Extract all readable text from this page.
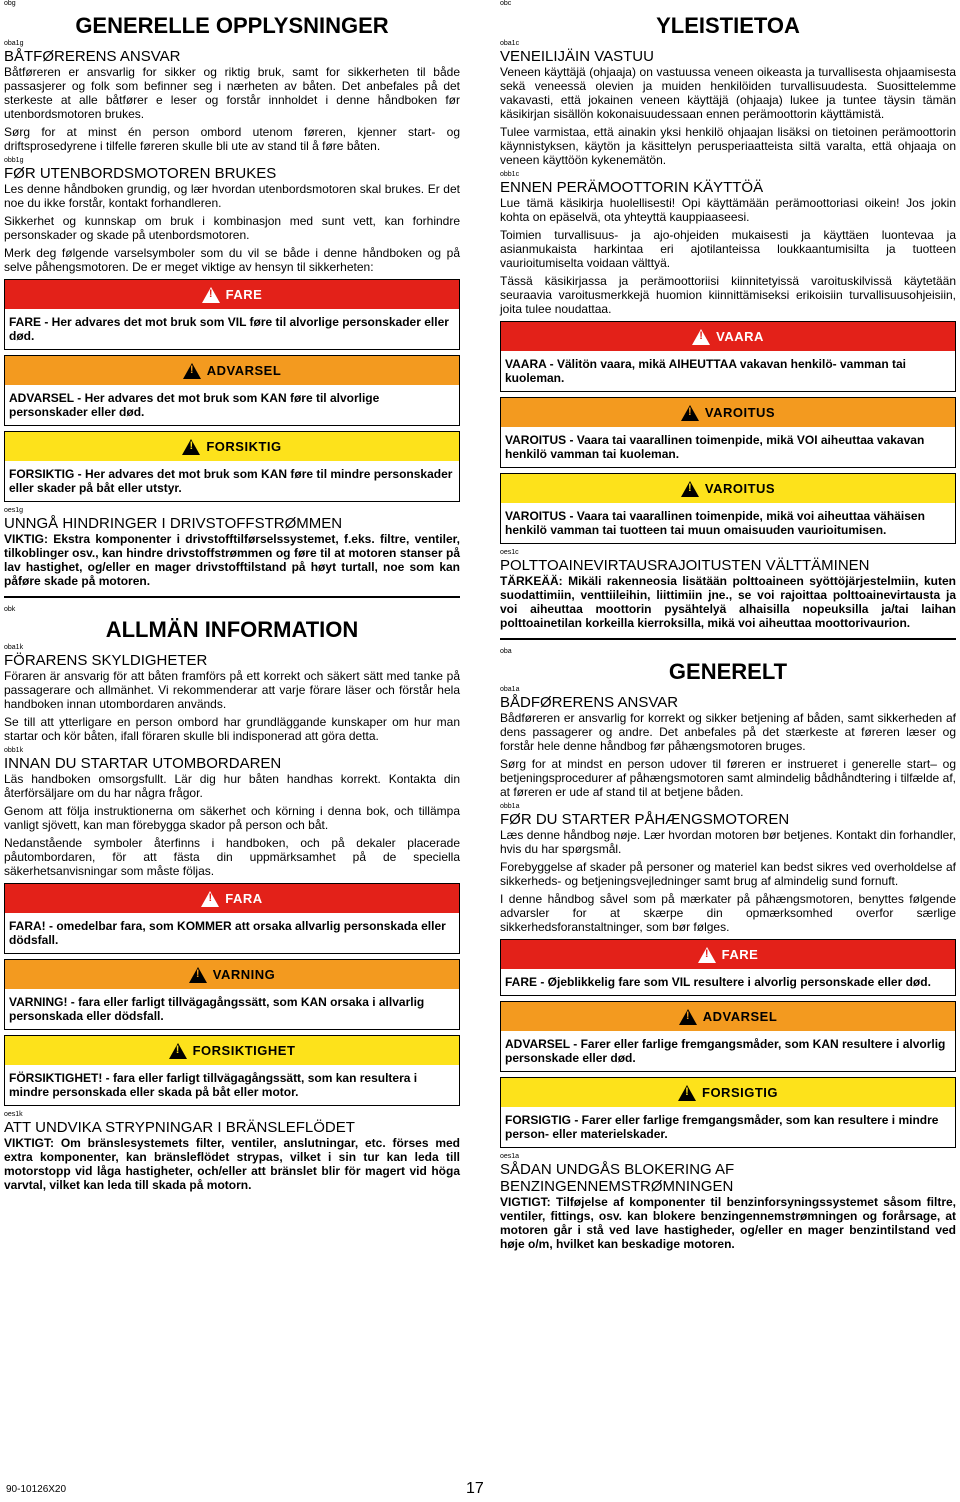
obg
GENERELLE OPPLYSNINGER
oba1g
BÅTFØRERENS ANSVAR

Båtføreren er ansvarlig for sikker og riktig bruk, samt for sikkerheten til både passasjerer og folk som befinner seg i nærheten av båten. Det anbefales på det sterkeste at alle båtfører e leser og forstår innholdet i denne håndboken før utenbordsmotoren brukes.

Sørg for at minst én person ombord utenom føreren, kjenner start- og driftsprosedyrene i tilfelle føreren skulle bli ute av stand til å føre båten.

obb1g
FØR UTENBORDSMOTOREN BRUKES

Les denne håndboken grundig, og lær hvordan utenbordsmotoren skal brukes. Er det noe du ikke forstår, kontakt forhandleren.

Sikkerhet og kunnskap om bruk i kombinasjon med sunt vett, kan forhindre personskader og skade på utenbordsmotoren.

Merk deg følgende varselsymboler som du vil se både i denne håndboken og på selve påhengsmotoren. De er meget viktige av hensyn til sikkerheten:

! FARE
FARE - Her advares det mot bruk som VIL føre til alvorlige personskader eller død.
! ADVARSEL
ADVARSEL - Her advares det mot bruk som KAN føre til alvorlige personskader eller død.
! FORSIKTIG
FORSIKTIG - Her advares det mot bruk som KAN føre til mindre personskader eller skader på båt eller utstyr.
oes1g
UNNGÅ HINDRINGER I DRIVSTOFFSTRØMMEN

VIKTIG: Ekstra komponenter i drivstofftilførselssystemet, f.eks. filtre, ventiler, tilkoblinger osv., kan hindre drivstoffstrømmen og føre til at motoren stanser på lav hastighet, og/eller en mager drivstofftilstand på høyt turtall, noe som kan påføre skade på motoren.

obk
ALLMÄN INFORMATION
oba1k
FÖRARENS SKYLDIGHETER

Föraren är ansvarig för att båten framförs på ett korrekt och säkert sätt med tanke på passagerare och allmänhet. Vi rekommenderar att varje förare läser och förstår hela handboken innan utombordaren används.

Se till att ytterligare en person ombord har grundläggande kunskaper om hur man startar och kör båten, ifall föraren skulle bli indisponerad att göra detta.

obb1k
INNAN DU STARTAR UTOMBORDAREN

Läs handboken omsorgsfullt. Lär dig hur båten handhas korrekt. Kontakta din återförsäljare om du har några frågor.

Genom att följa instruktionerna om säkerhet och körning i denna bok, och tillämpa vanligt sjövett, kan man förebygga skador på person och båt.

Nedanstående symboler återfinns i handboken, och på dekaler placerade påutombordaren, för att fästa din uppmärksamhet på de speciella säkerhetsanvisningar som måste följas.

! FARA
FARA! - omedelbar fara, som KOMMER att orsaka allvarlig personskada eller dödsfall.
! VARNING
VARNING! - fara eller farligt tillvägagångssätt, som KAN orsaka i allvarlig personskada eller dödsfall.
! FORSIKTIGHET
FÖRSIKTIGHET! - fara eller farligt tillvägagångssätt, som kan resultera i mindre personskada eller skada på båt eller motor.
oes1k
ATT UNDVIKA STRYPNINGAR I BRÄNSLEFLÖDET

VIKTIGT: Om bränslesystemets filter, ventiler, anslutningar, etc. förses med extra komponenter, kan bränsleflödet strypas, vilket i sin tur kan leda till motorstopp vid låga hastigheter, och/eller att bränslet blir för magert vid höga varvtal, vilket kan leda till skada på motorn.

obc
YLEISTIETOA
oba1c
VENEILIJÄIN VASTUU

Veneen käyttäjä (ohjaaja) on vastuussa veneen oikeasta ja turvallisesta ohjaamisesta sekä veneessä olevien ja muiden henkilöiden turvallisuudesta. Suosittelemme vakavasti, että jokainen veneen käyttäjä (ohjaaja) lukee ja tuntee täysin tämän käsikirjan sisällön kokonaisuudessaan ennen perämoottorin käyttämistä.

Tulee varmistaa, että ainakin yksi henkilö ohjaajan lisäksi on tietoinen perämoottorin käynnistyksen, käytön ja käsittelyn perusperiaatteista siltä varalta, että ohjaaja on veneen käyttöön kykenemätön.

obb1c
ENNEN PERÄMOOTTORIN KÄYTTÖÄ

Lue tämä käsikirja huolellisesti! Opi käyttämään perämoottoriasi oikein! Jos jokin kohta on epäselvä, ota yhteyttä kauppiaaseesi.

Toimien turvallisuus- ja ajo-ohjeiden mukaisesti ja käyttäen luontevaa ja asianmukaista harkintaa eri ajotilanteissa loukkaantumisilta ja tuotteen vaurioitumiselta voidaan välttyä.

Tässä käsikirjassa ja perämoottoriisi kiinnitetyissä varoituskilvissä käytetään seuraavia varoitusmerkkejä huomion kiinnittämiseksi erikoisiin turvallisuusohjeisiin, joita tulee noudattaa.

! VAARA
VAARA - Välitön vaara, mikä AIHEUTTAA vakavan henkilö- vamman tai kuoleman.
! VAROITUS
VAROITUS - Vaara tai vaarallinen toimenpide, mikä VOI aiheuttaa vakavan henkilö vamman tai kuoleman.
! VAROITUS
VAROITUS - Vaara tai vaarallinen toimenpide, mikä voi aiheuttaa vähäisen henkilö vamman tai tuotteen tai muun omaisuuden vaurioitumisen.
oes1c
POLTTOAINEVIRTAUSRAJOITUSTEN VÄLTTÄMINEN

TÄRKEÄÄ: Mikäli rakenneosia lisätään polttoaineen syöttöjärjestelmiin, kuten suodattimiin, venttiileihin, liittimiin jne., se voi rajoittaa polttoainevirtausta ja voi aiheuttaa moottorin pysähtelyä alhaisilla nopeuksilla ja/tai laihan polttoainetilan korkeilla kierroksilla, mikä voi aiheuttaa moottorivaurion.

oba
GENERELT
oba1a
BÅDFØRERENS ANSVAR

Bådføreren er ansvarlig for korrekt og sikker betjening af båden, samt sikkerheden af dens passagerer og andre. Det anbefales på det stærkeste at føreren læser og forstår hele denne håndbog før påhængsmotoren bruges.

Sørg for at mindst en person udover til føreren er instrueret i generelle start– og betjeningsprocedurer af påhængsmotoren samt almindelig bådhåndtering i tilfælde af, at føreren er ude af stand til at betjene båden.

obb1a
FØR DU STARTER PÅHÆNGSMOTOREN

Læs denne håndbog nøje. Lær hvordan motoren bør betjenes. Kontakt din forhandler, hvis du har spørgsmål.

Forebyggelse af skader på personer og materiel kan bedst sikres ved overholdelse af sikkerheds- og betjeningsvejledninger samt brug af almindelig sund fornuft.

I denne håndbog såvel som på mærkater på påhængsmotoren, benyttes følgende advarsler for at skærpe din opmærksomhed overfor særlige sikkerhedsforanstaltninger, som bør følges.

! FARE
FARE - Øjeblikkelig fare som VIL resultere i alvorlig personskade eller død.
! ADVARSEL
ADVARSEL - Farer eller farlige fremgangsmåder, som KAN resultere i alvorlig personskade eller død.
! FORSIGTIG
FORSIGTIG - Farer eller farlige fremgangsmåder, som kan resultere i mindre person- eller materielskader.
oes1a
SÅDAN UNDGÅS BLOKERING AF BENZINGENNEMSTRØMNINGEN

VIGTIGT: Tilføjelse af komponenter til benzinforsyningssystemet såsom filtre, ventiler, fittings, osv. kan blokere benzingennemstrømningen og forårsage, at motoren går i stå ved lave hastigheder, og/eller en mager benzintilstand ved høje o/m, hvilket kan beskadige motoren.

90-10126X20	17
